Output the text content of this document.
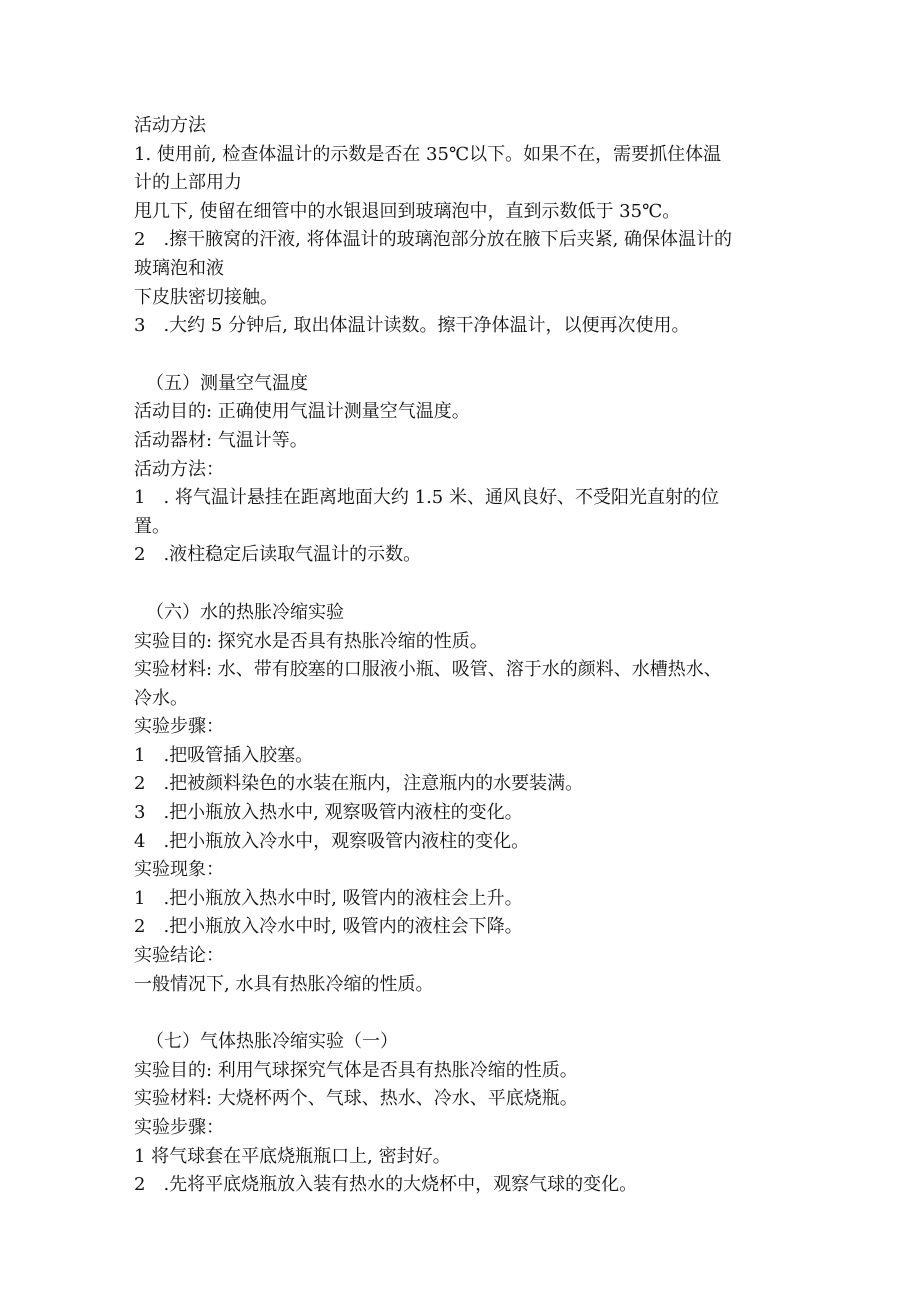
活动方法
1. 使用前, 检查体温计的示数是否在 35℃以下。如果不在，需要抓住体温
计的上部用力
甩几下, 使留在细管中的水银退回到玻璃泡中，直到示数低于 35℃。
2　.擦干腋窝的汗液, 将体温计的玻璃泡部分放在腋下后夹紧, 确保体温计的
玻璃泡和液
下皮肤密切接触。
3　.大约 5 分钟后, 取出体温计读数。擦干净体温计，以便再次使用。
（五）测量空气温度
活动目的: 正确使用气温计测量空气温度。
活动器材: 气温计等。
活动方法：
1　. 将气温计悬挂在距离地面大约 1.5 米、通风良好、不受阳光直射的位
置。
2　.液柱稳定后读取气温计的示数。
（六）水的热胀冷缩实验
实验目的: 探究水是否具有热胀冷缩的性质。
实验材料: 水、带有胶塞的口服液小瓶、吸管、溶于水的颜料、水槽热水、
冷水。
实验步骤：
1　.把吸管插入胶塞。
2　.把被颜料染色的水装在瓶内，注意瓶内的水要装满。
3　.把小瓶放入热水中, 观察吸管内液柱的变化。
4　.把小瓶放入冷水中，观察吸管内液柱的变化。
实验现象：
1　.把小瓶放入热水中时, 吸管内的液柱会上升。
2　.把小瓶放入冷水中时, 吸管内的液柱会下降。
实验结论：
一般情况下, 水具有热胀冷缩的性质。
（七）气体热胀冷缩实验（一）
实验目的: 利用气球探究气体是否具有热胀冷缩的性质。
实验材料: 大烧杯两个、气球、热水、冷水、平底烧瓶。
实验步骤：
1 将气球套在平底烧瓶瓶口上, 密封好。
2　.先将平底烧瓶放入装有热水的大烧杯中，观察气球的变化。
